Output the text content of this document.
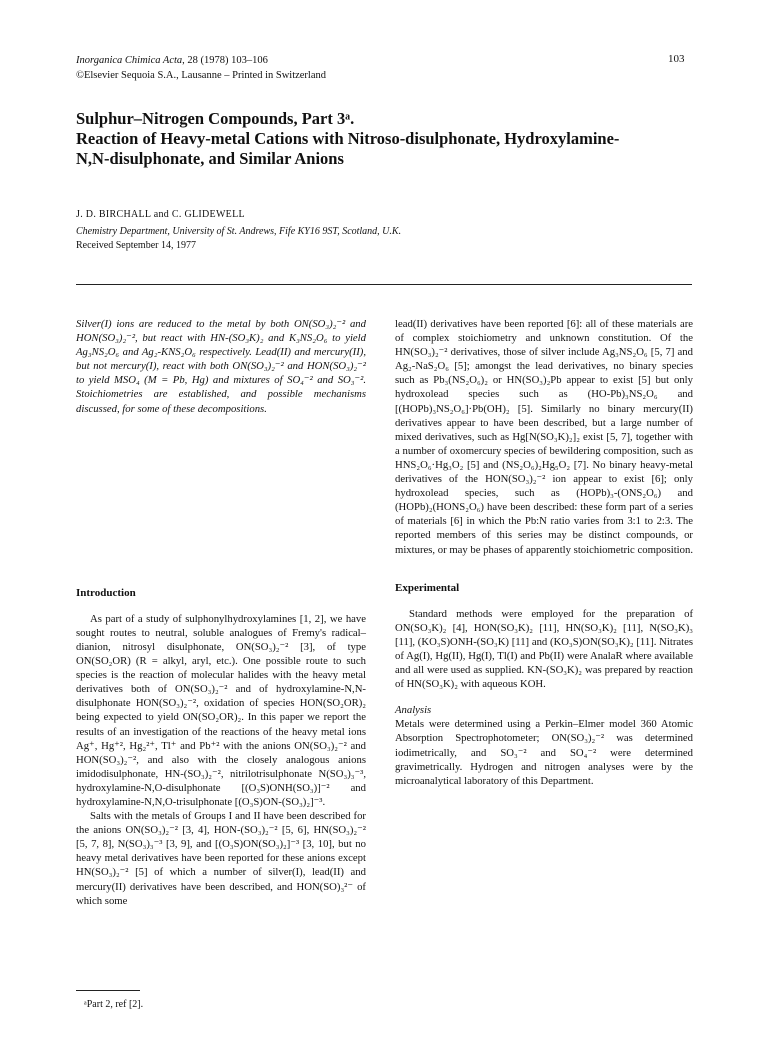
Inorganica Chimica Acta, 28 (1978) 103–106
©Elsevier Sequoia S.A., Lausanne – Printed in Switzerland
103
Sulphur–Nitrogen Compounds, Part 3ᵃ.
Reaction of Heavy-metal Cations with Nitroso-disulphonate, Hydroxylamine-
N,N-disulphonate, and Similar Anions
J. D. BIRCHALL and C. GLIDEWELL
Chemistry Department, University of St. Andrews, Fife KY16 9ST, Scotland, U.K.
Received September 14, 1977

Silver(I) ions are reduced to the metal by both ON(SO₃)₂⁻² and HON(SO₃)₂⁻², but react with HN-(SO₃K)₂ and K₃NS₂O₆ to yield Ag₃NS₂O₆ and Ag₂-KNS₂O₆ respectively. Lead(II) and mercury(II), but not mercury(I), react with both ON(SO₃)₂⁻² and HON(SO₃)₂⁻² to yield MSO₄ (M = Pb, Hg) and mixtures of SO₄⁻² and SO₃⁻². Stoichiometries are established, and possible mechanisms discussed, for some of these decompositions.

Introduction

As part of a study of sulphonylhydroxylamines [1, 2], we have sought routes to neutral, soluble analogues of Fremy's radical–dianion, nitrosyl disulphonate, ON(SO₃)₂⁻² [3], of type ON(SO₂OR) (R = alkyl, aryl, etc.). One possible route to such species is the reaction of molecular halides with the heavy metal derivatives both of ON(SO₃)₂⁻² and of hydroxylamine-N,N-disulphonate HON(SO₃)₂⁻², oxidation of species HON(SO₂OR)₂ being expected to yield ON(SO₂OR)₂. In this paper we report the results of an investigation of the reactions of the heavy metal ions Ag⁺, Hg⁺², Hg₂²⁺, Tl⁺ and Pb⁺² with the anions ON(SO₃)₂⁻² and HON(SO₃)₂⁻², and also with the closely analogous anions imidodisulphonate, HN-(SO₃)₂⁻², nitrilotrisulphonate N(SO₃)₃⁻³, hydroxylamine-N,O-disulphonate [(O₃S)ONH(SO₃)]⁻² and hydroxylamine-N,N,O-trisulphonate [(O₃S)ON-(SO₃)₂]⁻³.

Salts with the metals of Groups I and II have been described for the anions ON(SO₃)₂⁻² [3, 4], HON-(SO₃)₂⁻² [5, 6], HN(SO₃)₂⁻² [5, 7, 8], N(SO₃)₃⁻³ [3, 9], and [(O₃S)ON(SO₃)₂]⁻³ [3, 10], but no heavy metal derivatives have been reported for these anions except HN(SO₃)₂⁻² [5] of which a number of silver(I), lead(II) and mercury(II) derivatives have been described, and HON(SO)₃²⁻ of which some

lead(II) derivatives have been reported [6]: all of these materials are of complex stoichiometry and unknown constitution. Of the HN(SO₃)₂⁻² derivatives, those of silver include Ag₃NS₂O₆ [5, 7] and Ag₂-NaS₂O₆ [5]; amongst the lead derivatives, no binary species such as Pb₃(NS₂O₆)₂ or HN(SO₃)₂Pb appear to exist [5] but only hydroxolead species such as (HO-Pb)₃NS₂O₆ and [(HOPb)₃NS₂O₆]·Pb(OH)₂ [5]. Similarly no binary mercury(II) derivatives appear to have been described, but a large number of mixed derivatives, such as Hg[N(SO₃K)₂]₂ exist [5, 7], together with a number of oxomercury species of bewildering composition, such as HNS₂O₆·Hg₃O₂ [5] and (NS₂O₆)₂Hg₅O₂ [7]. No binary heavy-metal derivatives of the HON(SO₃)₂⁻² ion appear to exist [6]; only hydroxolead species, such as (HOPb)₃-(ONS₂O₆) and (HOPb)₂(HONS₂O₆) have been described: these form part of a series of materials [6] in which the Pb:N ratio varies from 3:1 to 2:3. The reported members of this series may be distinct compounds, or mixtures, or may be phases of apparently stoichiometric composition.

Experimental

Standard methods were employed for the preparation of ON(SO₃K)₂ [4], HON(SO₃K)₂ [11], HN(SO₃K)₂ [11], N(SO₃K)₃ [11], (KO₃S)ONH-(SO₃K) [11] and (KO₃S)ON(SO₃K)₂ [11]. Nitrates of Ag(I), Hg(II), Hg(I), Tl(I) and Pb(II) were AnalaR where available and all were used as supplied. KN-(SO₃K)₂ was prepared by reaction of HN(SO₃K)₂ with aqueous KOH.

Analysis

Metals were determined using a Perkin–Elmer model 360 Atomic Absorption Spectrophotometer; ON(SO₃)₂⁻² was determined iodimetrically, and SO₃⁻² and SO₄⁻² were determined gravimetrically. Hydrogen and nitrogen analyses were by the microanalytical laboratory of this Department.

ᵃPart 2, ref [2].
